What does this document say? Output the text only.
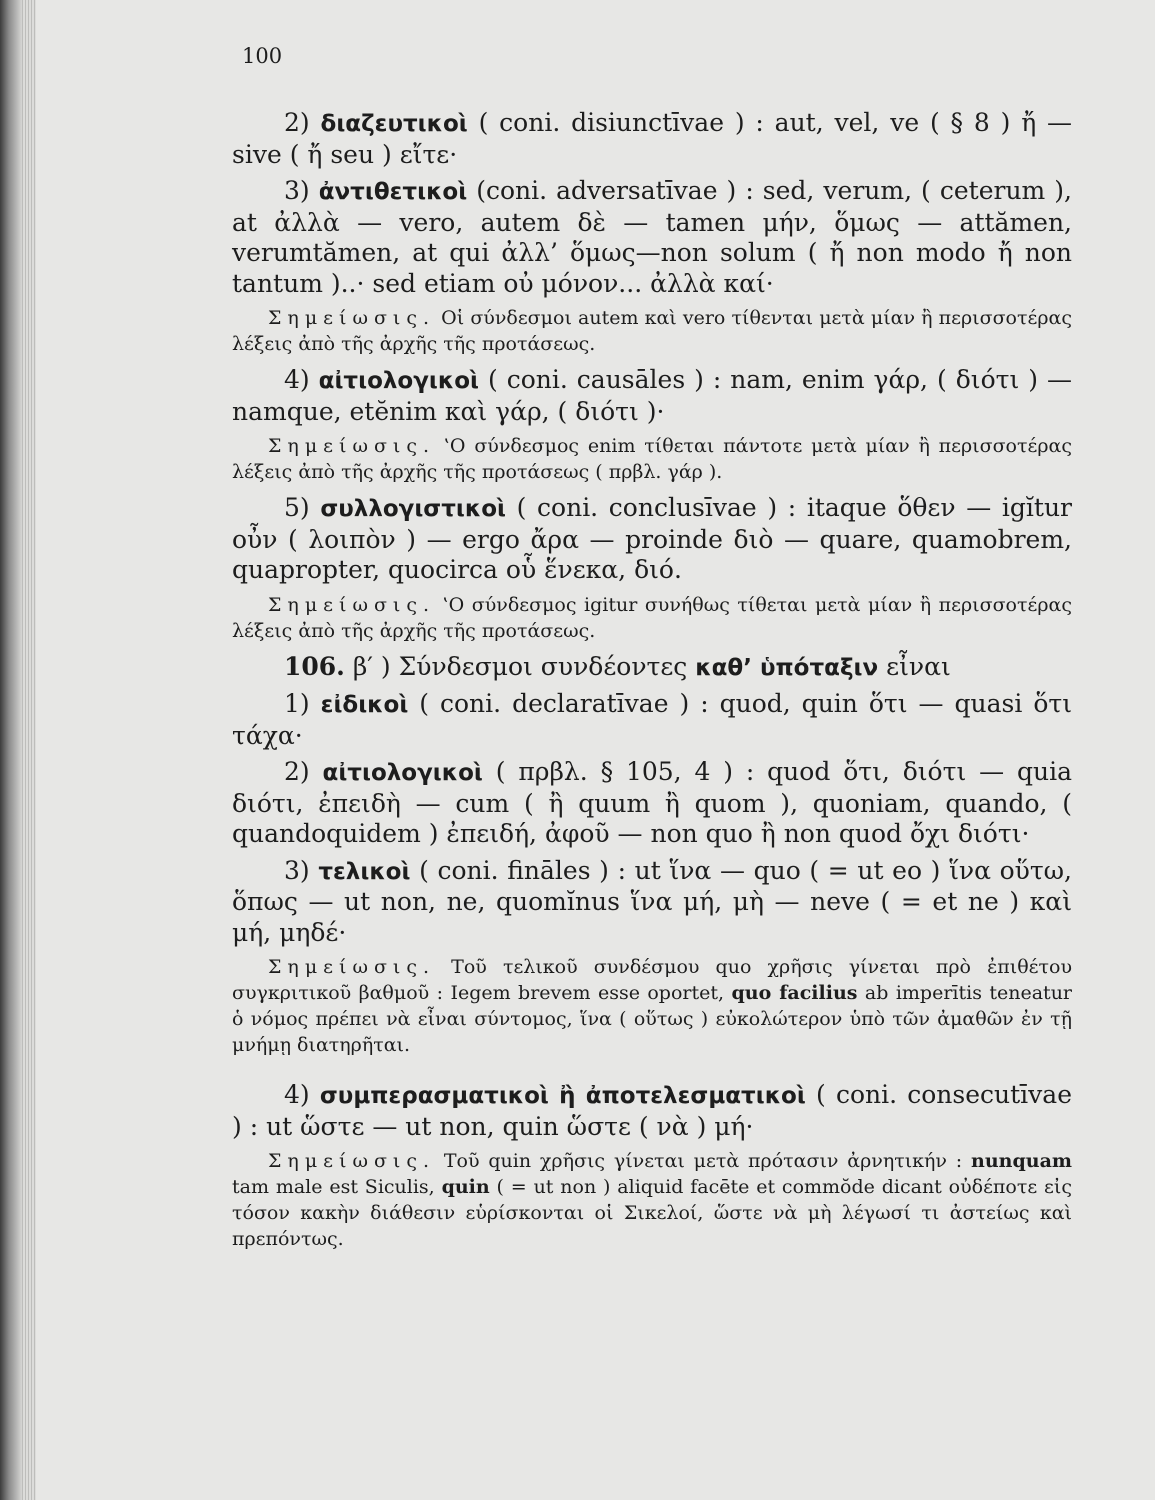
100

2) διαζευτικοὶ ( coni. disiunctīvae ) : aut, vel, ve ( § 8 ) ἤ —sive ( ἤ seu ) εἴτε·

3) ἀντιθετικοὶ (coni. adversatīvae ) : sed, verum, ( ceterum ), at ἀλλὰ — vero, autem δὲ — tamen μήν, ὅμως — attămen, verumtămen, at qui ἀλλ’ ὅμως—non solum ( ἤ non modo ἤ non tantum )..· sed etiam οὐ μόνον... ἀλλὰ καί·

Σημείωσις. Οἱ σύνδεσμοι autem καὶ vero τίθενται μετὰ μίαν ἢ περισσοτέρας λέξεις ἀπὸ τῆς ἀρχῆς τῆς προτάσεως.

4) αἰτιολογικοὶ ( coni. causāles ) : nam, enim γάρ, ( διότι ) — namque, etĕnim καὶ γάρ, ( διότι )·

Σημείωσις. ‛Ο σύνδεσμος enim τίθεται πάντοτε μετὰ μίαν ἢ περισσοτέρας λέξεις ἀπὸ τῆς ἀρχῆς τῆς προτάσεως ( πρβλ. γάρ ).

5) συλλογιστικοὶ ( coni. conclusīvae ) : itaque ὅθεν — igĭtur οὖν ( λοιπὸν ) — ergo ἄρα — proinde διὸ — quare, quamobrem, quapropter, quocirca οὗ ἕνεκα, διό.

Σημείωσις. ‛Ο σύνδεσμος igitur συνήθως τίθεται μετὰ μίαν ἢ περισσοτέρας λέξεις ἀπὸ τῆς ἀρχῆς τῆς προτάσεως.

106. β′ ) Σύνδεσμοι συνδέοντες καθ’ ὑπόταξιν εἶναι

1) εἰδικοὶ ( coni. declaratīvae ) : quod, quin ὅτι — quasi ὅτι τάχα·

2) αἰτιολογικοὶ ( πρβλ. § 105, 4 ) : quod ὅτι, διότι — quia διότι, ἐπειδὴ — cum ( ἢ quum ἢ quom ), quoniam, quando, ( quandoquidem ) ἐπειδή, ἀφοῦ — non quo ἢ non quod ὄχι διότι·

3) τελικοὶ ( coni. fināles ) : ut ἵνα — quo ( = ut eo ) ἵνα οὕτω, ὅπως — ut non, ne, quomĭnus ἵνα μή, μὴ — neve ( = et ne ) καὶ μή, μηδέ·

Σημείωσις. Τοῦ τελικοῦ συνδέσμου quo χρῆσις γίνεται πρὸ ἐπιθέτου συγκριτικοῦ βαθμοῦ : Iegem brevem esse oportet, quo facilius ab imperītis teneatur ὁ νόμος πρέπει νὰ εἶναι σύντομος, ἵνα ( οὕτως ) εὐκολώτερον ὑπὸ τῶν ἀμαθῶν ἐν τῇ μνήμῃ διατηρῆται.

4) συμπερασματικοὶ ἢ ἀποτελεσματικοὶ ( coni. consecutīvae ) : ut ὥστε — ut non, quin ὥστε ( νὰ ) μή·

Σημείωσις. Τοῦ quin χρῆσις γίνεται μετὰ πρότασιν ἀρνητικήν : nunquam tam male est Siculis, quin ( = ut non ) aliquid facēte et commŏde dicant οὐδέποτε εἰς τόσον κακὴν διάθεσιν εὑρίσκονται οἱ Σικελοί, ὥστε νὰ μὴ λέγωσί τι ἀστείως καὶ πρεπόντως.
